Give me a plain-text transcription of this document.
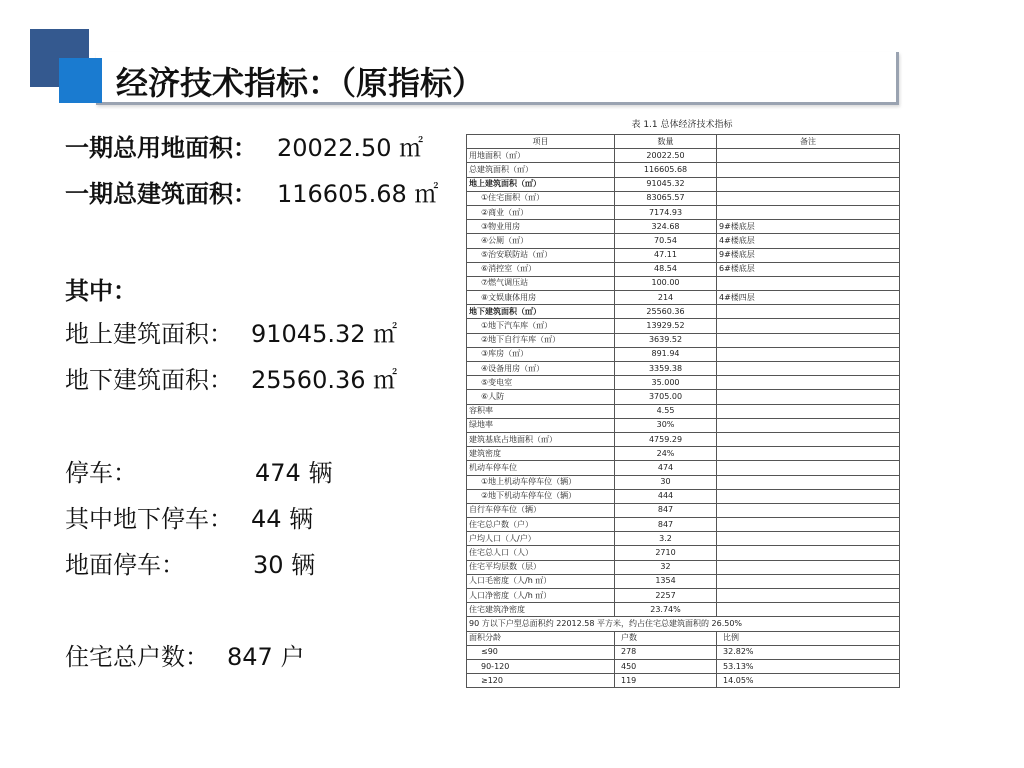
经济技术指标：（原指标）
一期总用地面积： 20022.50 ㎡
一期总建筑面积： 116605.68 ㎡
其中：
地上建筑面积： 91045.32 ㎡
地下建筑面积： 25560.36 ㎡
停车：	474 辆
其中地下停车： 44 辆
地面停车：	30 辆
住宅总户数： 847 户
表 1.1 总体经济技术指标
项目	数量	备注
用地面积（㎡）	20022.50	
总建筑面积（㎡）	116605.68	
地上建筑面积（㎡）	91045.32	
①住宅面积（㎡）	83065.57	
②商业（㎡）	7174.93	
③物业用房	324.68	9#楼底层
④公厕（㎡）	70.54	4#楼底层
⑤治安联防站（㎡）	47.11	9#楼底层
⑥消控室（㎡）	48.54	6#楼底层
⑦燃气调压站	100.00	
⑧文娱康体用房	214	4#楼四层
地下建筑面积（㎡）	25560.36	
①地下汽车库（㎡）	13929.52	
②地下自行车库（㎡）	3639.52	
③库房（㎡）	891.94	
④设备用房（㎡）	3359.38	
⑤变电室	35.000	
⑥人防	3705.00	
容积率	4.55	
绿地率	30%	
建筑基底占地面积（㎡）	4759.29	
建筑密度	24%	
机动车停车位	474	
①地上机动车停车位（辆）	30	
②地下机动车停车位（辆）	444	
自行车停车位（辆）	847	
住宅总户数（户）	847	
户均人口（人/户）	3.2	
住宅总人口（人）	2710	
住宅平均层数（层）	32	
人口毛密度（人/h ㎡）	1354	
人口净密度（人/h ㎡）	2257	
住宅建筑净密度	23.74%	
90 方以下户型总面积约 22012.58 平方米，约占住宅总建筑面积的 26.50%		
面积分龄	户数	比例
≤90	278	32.82%
90-120	450	53.13%
≥120	119	14.05%
